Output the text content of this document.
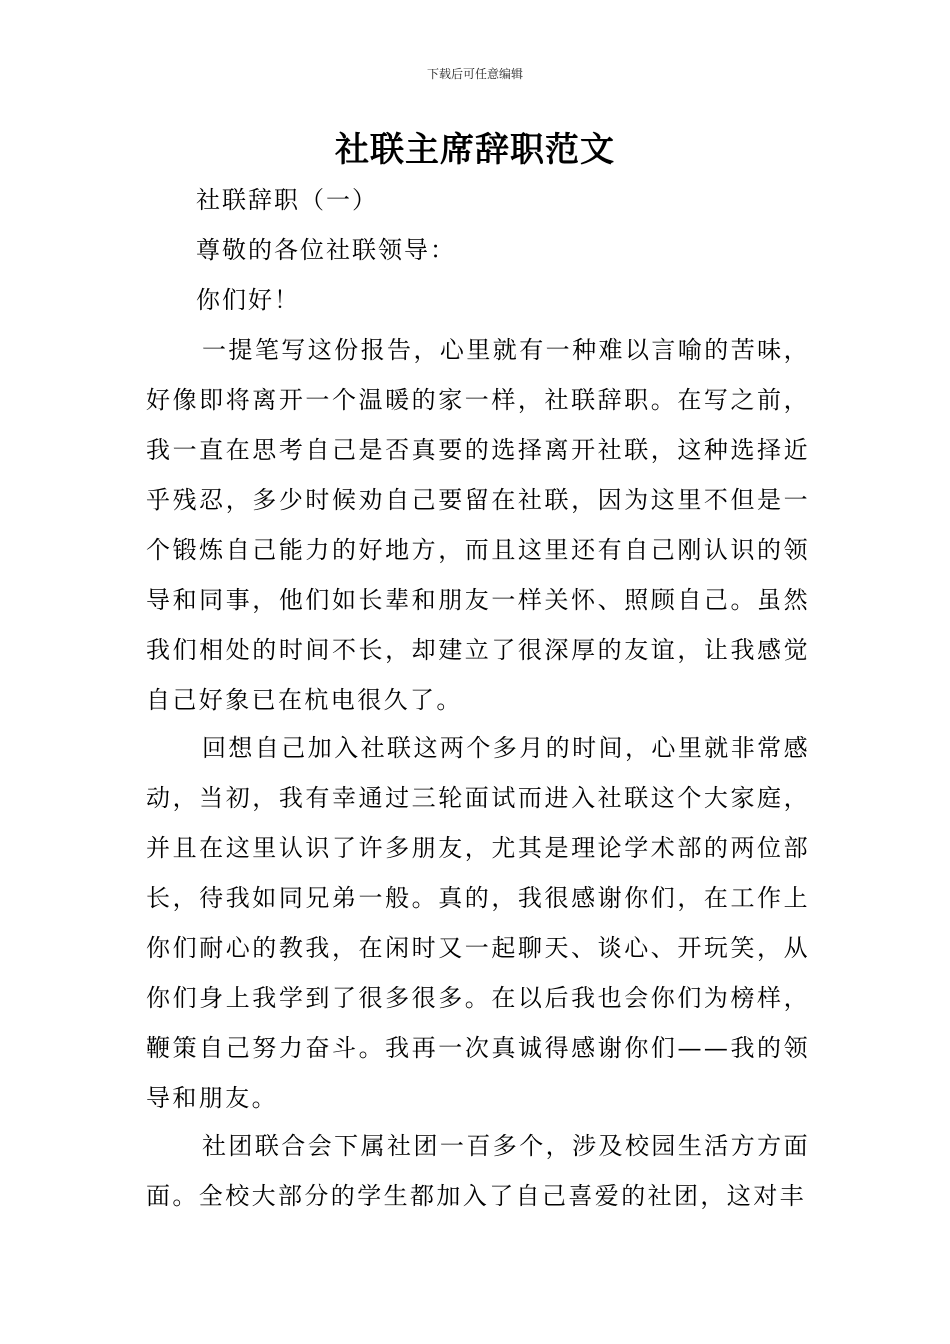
下载后可任意编辑
社联主席辞职范文
社联辞职（一）
尊敬的各位社联领导：
你们好！
一提笔写这份报告，心里就有一种难以言喻的苦味，好像即将离开一个温暖的家一样，社联辞职。在写之前，我一直在思考自己是否真要的选择离开社联，这种选择近乎残忍，多少时候劝自己要留在社联，因为这里不但是一个锻炼自己能力的好地方，而且这里还有自己刚认识的领导和同事，他们如长辈和朋友一样关怀、照顾自己。虽然我们相处的时间不长，却建立了很深厚的友谊，让我感觉自己好象已在杭电很久了。
回想自己加入社联这两个多月的时间，心里就非常感动，当初，我有幸通过三轮面试而进入社联这个大家庭，并且在这里认识了许多朋友，尤其是理论学术部的两位部长，待我如同兄弟一般。真的，我很感谢你们，在工作上你们耐心的教我，在闲时又一起聊天、谈心、开玩笑，从你们身上我学到了很多很多。在以后我也会你们为榜样，鞭策自己努力奋斗。我再一次真诚得感谢你们——我的领导和朋友。
社团联合会下属社团一百多个，涉及校园生活方方面面。全校大部分的学生都加入了自己喜爱的社团，这对丰
